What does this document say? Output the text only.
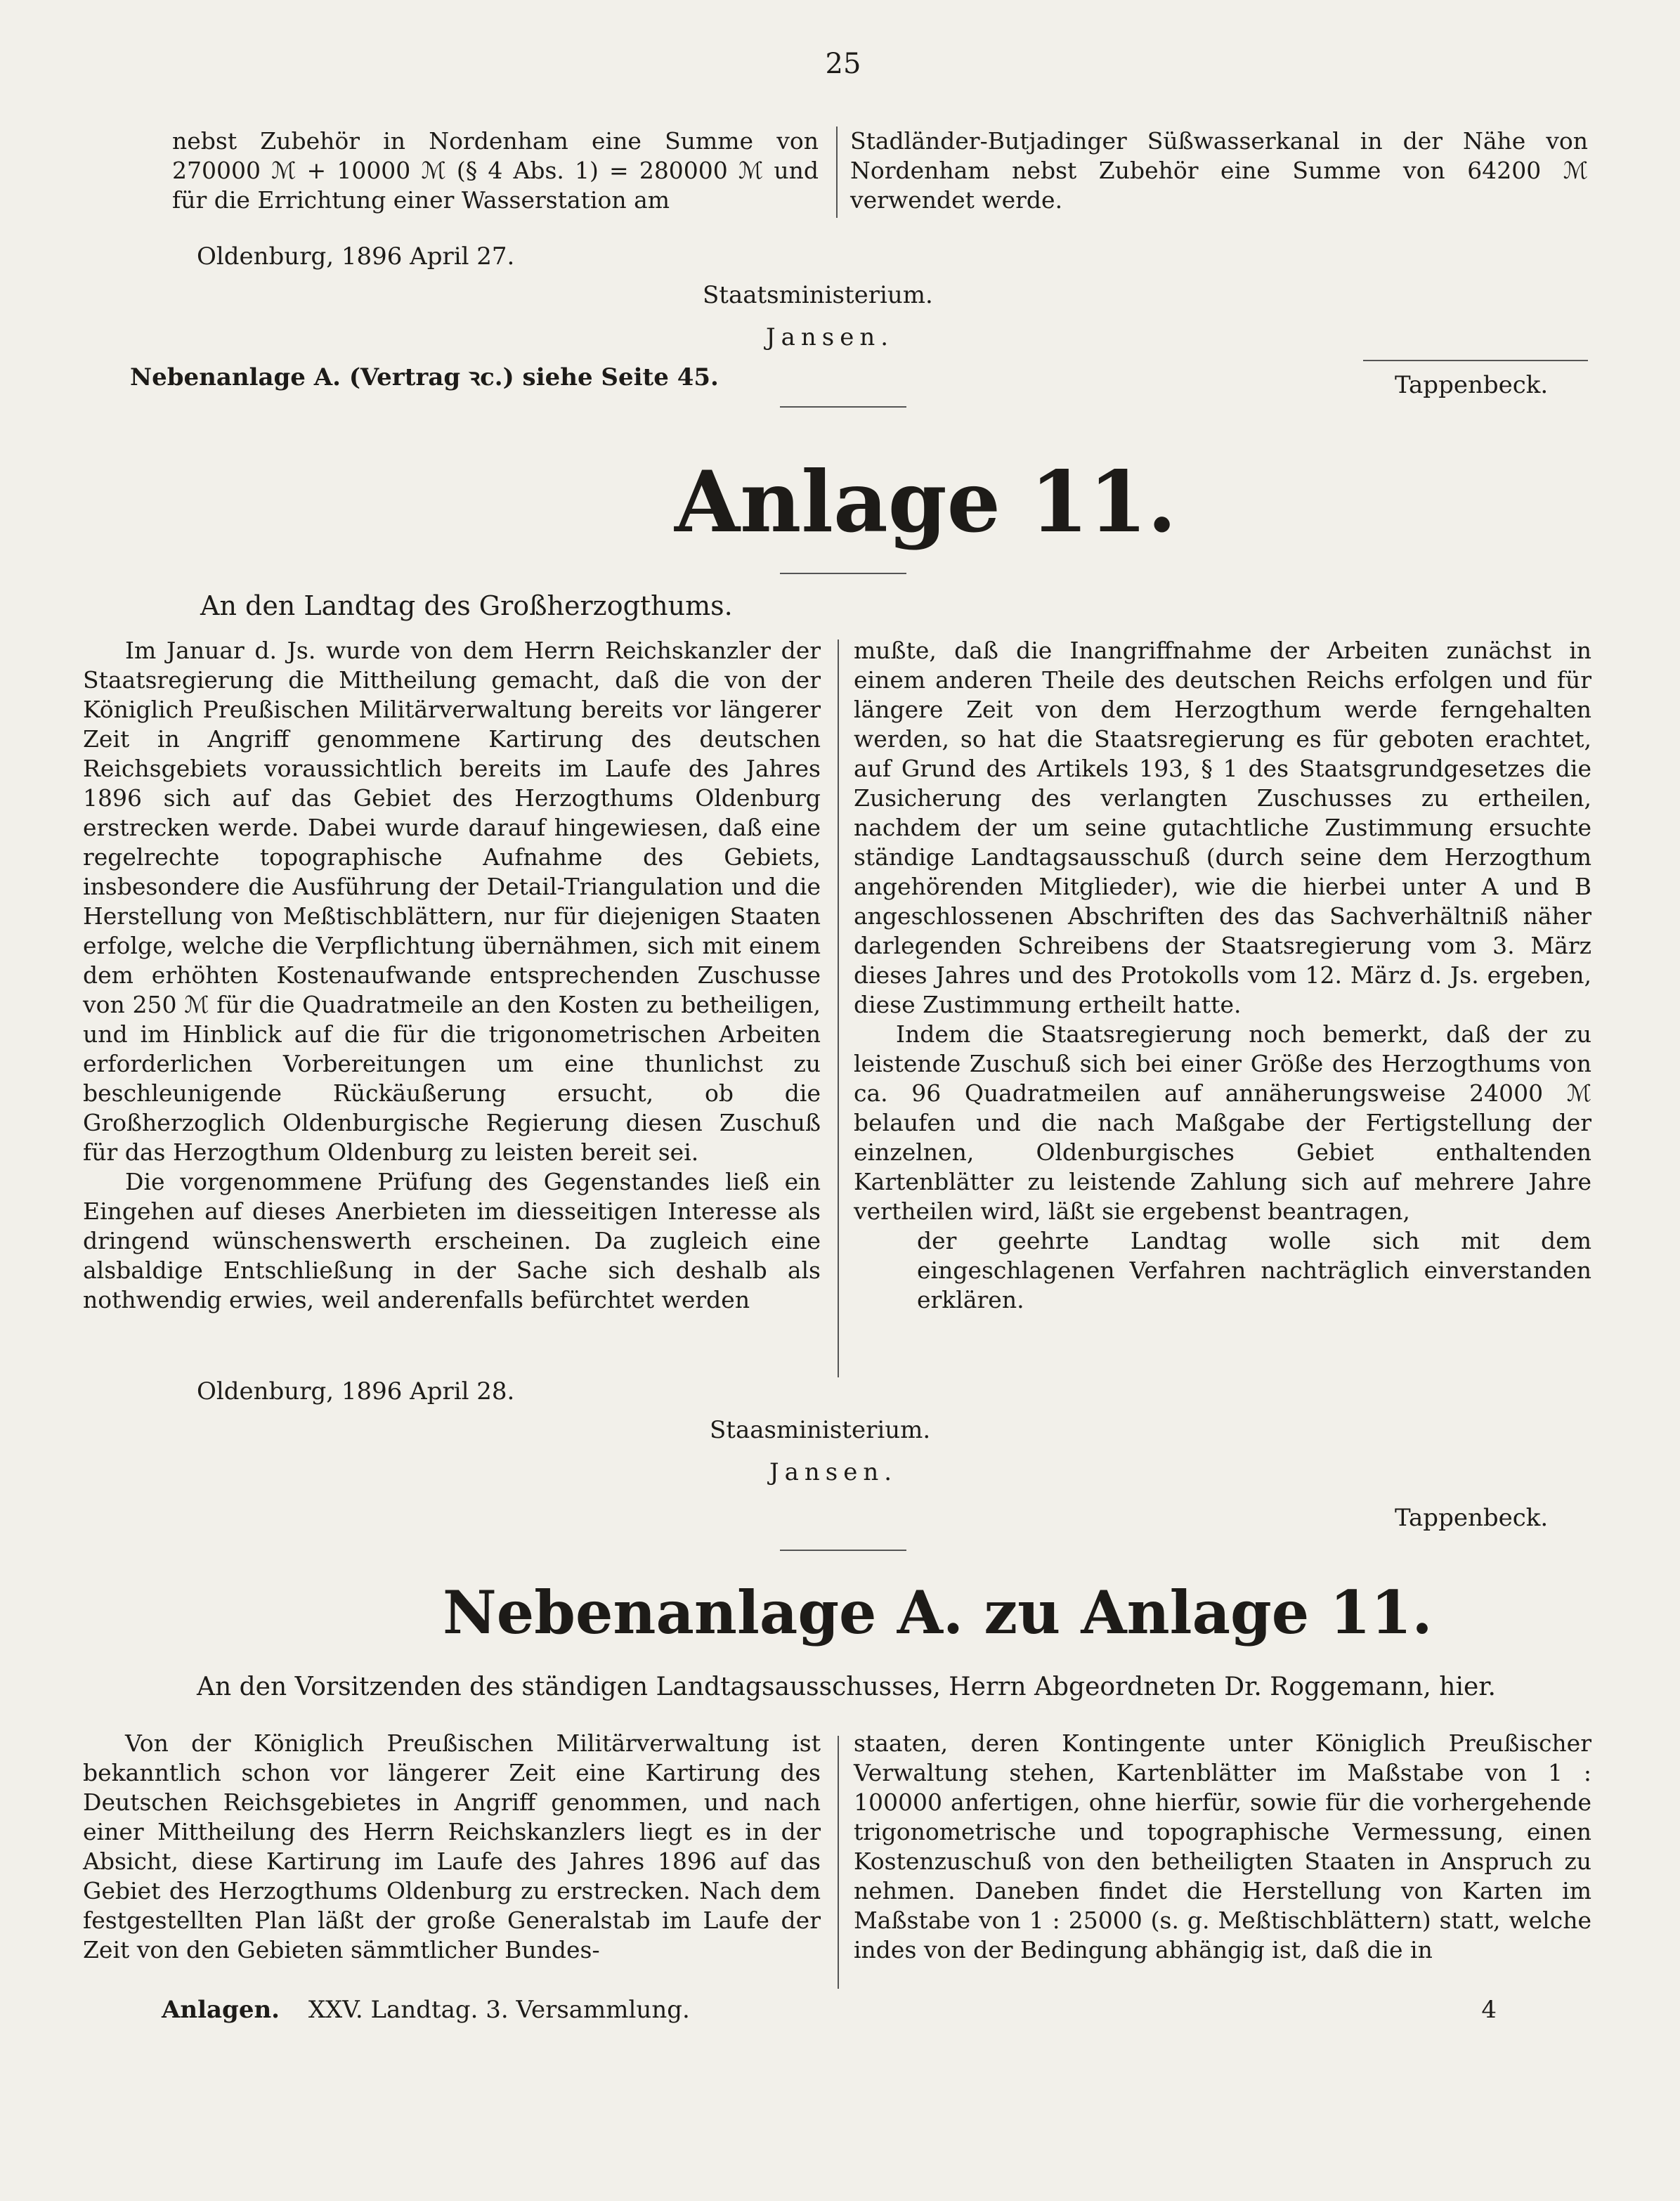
25

nebst Zubehör in Nordenham eine Summe von 270000 ℳ + 10000 ℳ (§ 4 Abs. 1) = 280000 ℳ und für die Errichtung einer Wasserstation am

Stadländer-Butjadinger Süßwasserkanal in der Nähe von Nordenham nebst Zubehör eine Summe von 64200 ℳ verwendet werde.

Oldenburg, 1896 April 27.
Staatsministerium.
Jansen.
Tappenbeck.
Nebenanlage A. (Vertrag ꝛc.) siehe Seite 45.
Anlage 11.
An den Landtag des Großherzogthums.

Im Januar d. Js. wurde von dem Herrn Reichskanzler der Staatsregierung die Mittheilung gemacht, daß die von der Königlich Preußischen Militärverwaltung bereits vor längerer Zeit in Angriff genommene Kartirung des deutschen Reichsgebiets voraussichtlich bereits im Laufe des Jahres 1896 sich auf das Gebiet des Herzogthums Oldenburg erstrecken werde. Dabei wurde darauf hingewiesen, daß eine regelrechte topographische Aufnahme des Gebiets, insbesondere die Ausführung der Detail-Triangulation und die Herstellung von Meßtischblättern, nur für diejenigen Staaten erfolge, welche die Verpflichtung übernähmen, sich mit einem dem erhöhten Kostenaufwande entsprechenden Zuschusse von 250 ℳ für die Quadratmeile an den Kosten zu betheiligen, und im Hinblick auf die für die trigonometrischen Arbeiten erforderlichen Vorbereitungen um eine thunlichst zu beschleunigende Rückäußerung ersucht, ob die Großherzoglich Oldenburgische Regierung diesen Zuschuß für das Herzogthum Oldenburg zu leisten bereit sei.

Die vorgenommene Prüfung des Gegenstandes ließ ein Eingehen auf dieses Anerbieten im diesseitigen Interesse als dringend wünschenswerth erscheinen. Da zugleich eine alsbaldige Entschließung in der Sache sich deshalb als nothwendig erwies, weil anderenfalls befürchtet werden

mußte, daß die Inangriffnahme der Arbeiten zunächst in einem anderen Theile des deutschen Reichs erfolgen und für längere Zeit von dem Herzogthum werde ferngehalten werden, so hat die Staatsregierung es für geboten erachtet, auf Grund des Artikels 193, § 1 des Staatsgrundgesetzes die Zusicherung des verlangten Zuschusses zu ertheilen, nachdem der um seine gutachtliche Zustimmung ersuchte ständige Landtagsausschuß (durch seine dem Herzogthum angehörenden Mitglieder), wie die hierbei unter A und B angeschlossenen Abschriften des das Sachverhältniß näher darlegenden Schreibens der Staatsregierung vom 3. März dieses Jahres und des Protokolls vom 12. März d. Js. ergeben, diese Zustimmung ertheilt hatte.

Indem die Staatsregierung noch bemerkt, daß der zu leistende Zuschuß sich bei einer Größe des Herzogthums von ca. 96 Quadratmeilen auf annäherungsweise 24000 ℳ belaufen und die nach Maßgabe der Fertigstellung der einzelnen, Oldenburgisches Gebiet enthaltenden Kartenblätter zu leistende Zahlung sich auf mehrere Jahre vertheilen wird, läßt sie ergebenst beantragen,

der geehrte Landtag wolle sich mit dem eingeschlagenen Verfahren nachträglich einverstanden erklären.

Oldenburg, 1896 April 28.
Staasministerium.
Jansen.
Tappenbeck.
Nebenanlage A. zu Anlage 11.
An den Vorsitzenden des ständigen Landtagsausschusses, Herrn Abgeordneten Dr. Roggemann, hier.

Von der Königlich Preußischen Militärverwaltung ist bekanntlich schon vor längerer Zeit eine Kartirung des Deutschen Reichsgebietes in Angriff genommen, und nach einer Mittheilung des Herrn Reichskanzlers liegt es in der Absicht, diese Kartirung im Laufe des Jahres 1896 auf das Gebiet des Herzogthums Oldenburg zu erstrecken. Nach dem festgestellten Plan läßt der große Generalstab im Laufe der Zeit von den Gebieten sämmtlicher Bundes-

staaten, deren Kontingente unter Königlich Preußischer Verwaltung stehen, Kartenblätter im Maßstabe von 1 : 100000 anfertigen, ohne hierfür, sowie für die vorhergehende trigonometrische und topographische Vermessung, einen Kostenzuschuß von den betheiligten Staaten in Anspruch zu nehmen. Daneben findet die Herstellung von Karten im Maßstabe von 1 : 25000 (s. g. Meßtischblättern) statt, welche indes von der Bedingung abhängig ist, daß die in

Anlagen. XXV. Landtag. 3. Versammlung.	4
